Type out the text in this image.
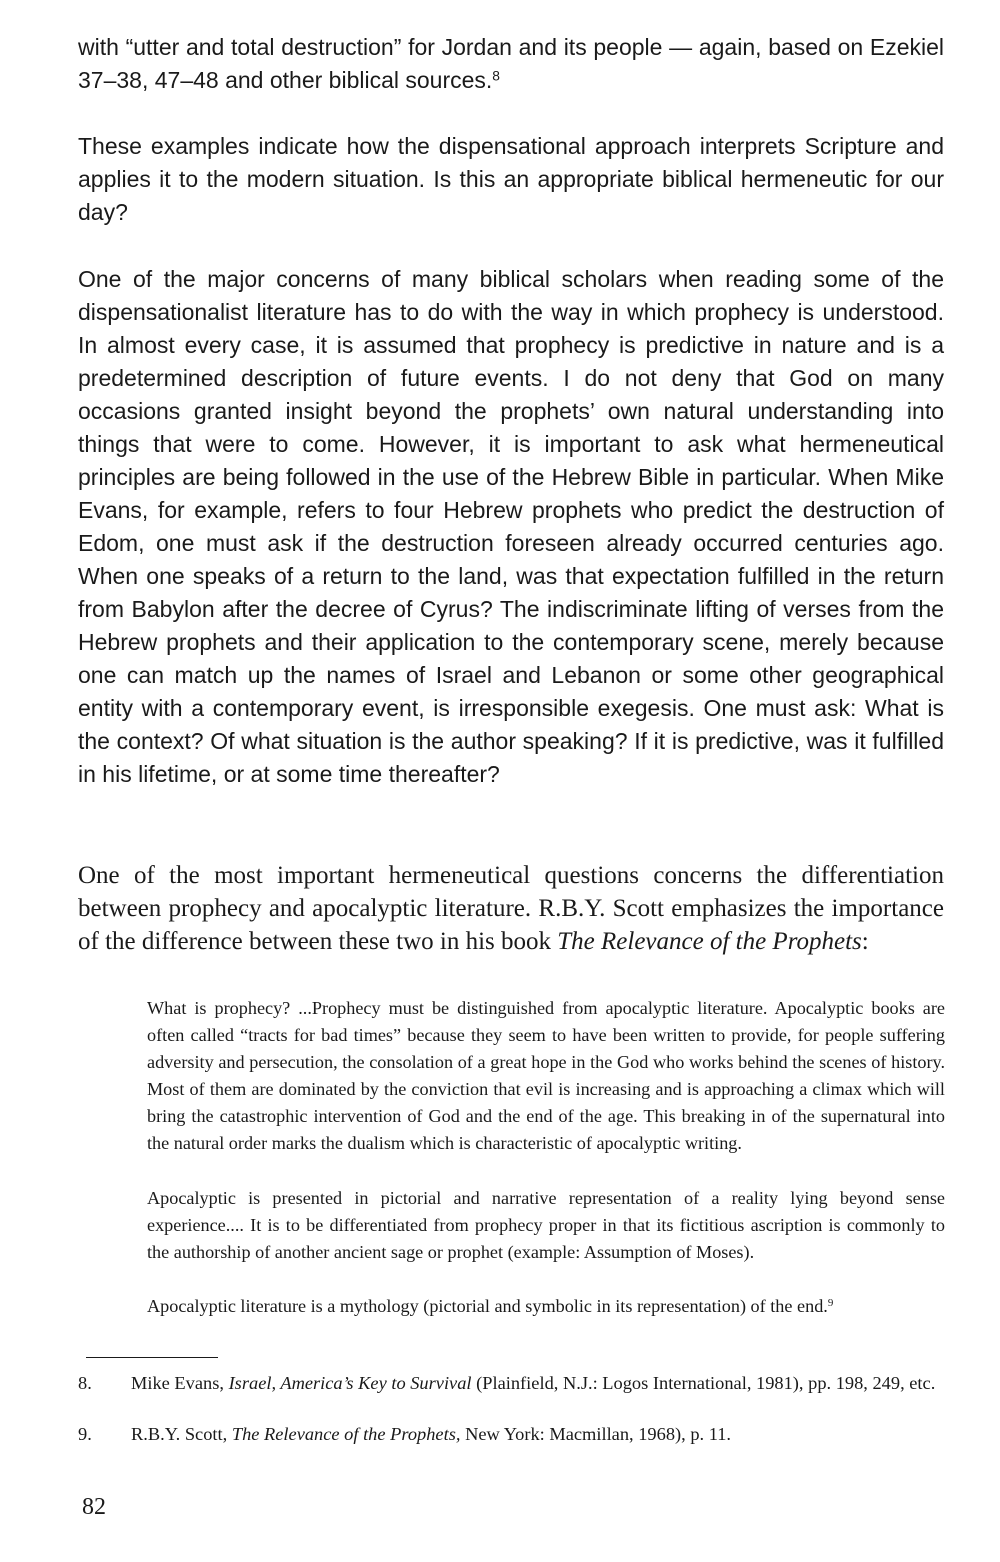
with “utter and total destruction” for Jordan and its people — again, based on Ezekiel 37–38, 47–48 and other biblical sources.$^8$

These examples indicate how the dispensational approach interprets Scripture and applies it to the modern situation. Is this an appropriate biblical hermeneutic for our day?

One of the major concerns of many biblical scholars when reading some of the dispensationalist literature has to do with the way in which prophecy is understood. In almost every case, it is assumed that prophecy is predictive in nature and is a predetermined description of future events. I do not deny that God on many occasions granted insight beyond the prophets’ own natural understanding into things that were to come. However, it is important to ask what hermeneutical principles are being followed in the use of the Hebrew Bible in particular. When Mike Evans, for example, refers to four Hebrew prophets who predict the destruction of Edom, one must ask if the destruction foreseen already occurred centuries ago. When one speaks of a return to the land, was that expectation fulfilled in the return from Babylon after the decree of Cyrus? The indiscriminate lifting of verses from the Hebrew prophets and their application to the contemporary scene, merely because one can match up the names of Israel and Lebanon or some other geographical entity with a contemporary event, is irresponsible exegesis. One must ask: What is the context? Of what situation is the author speaking? If it is predictive, was it fulfilled in his lifetime, or at some time thereafter?

One of the most important hermeneutical questions concerns the differentiation between prophecy and apocalyptic literature. R.B.Y. Scott emphasizes the importance of the difference between these two in his book The Relevance of the Prophets:

What is prophecy? ...Prophecy must be distinguished from apocalyptic literature. Apocalyptic books are often called “tracts for bad times” because they seem to have been written to provide, for people suffering adversity and persecution, the consolation of a great hope in the God who works behind the scenes of history. Most of them are dominated by the conviction that evil is increasing and is approaching a climax which will bring the catastrophic intervention of God and the end of the age. This breaking in of the supernatural into the natural order marks the dualism which is characteristic of apocalyptic writing.

Apocalyptic is presented in pictorial and narrative representation of a reality lying beyond sense experience.... It is to be differentiated from prophecy proper in that its fictitious ascription is commonly to the authorship of another ancient sage or prophet (example: Assumption of Moses).

Apocalyptic literature is a mythology (pictorial and symbolic in its representation) of the end.$^9$

8. Mike Evans, Israel, America’s Key to Survival (Plainfield, N.J.: Logos International, 1981), pp. 198, 249, etc.

9. R.B.Y. Scott, The Relevance of the Prophets, New York: Macmillan, 1968), p. 11.

82
